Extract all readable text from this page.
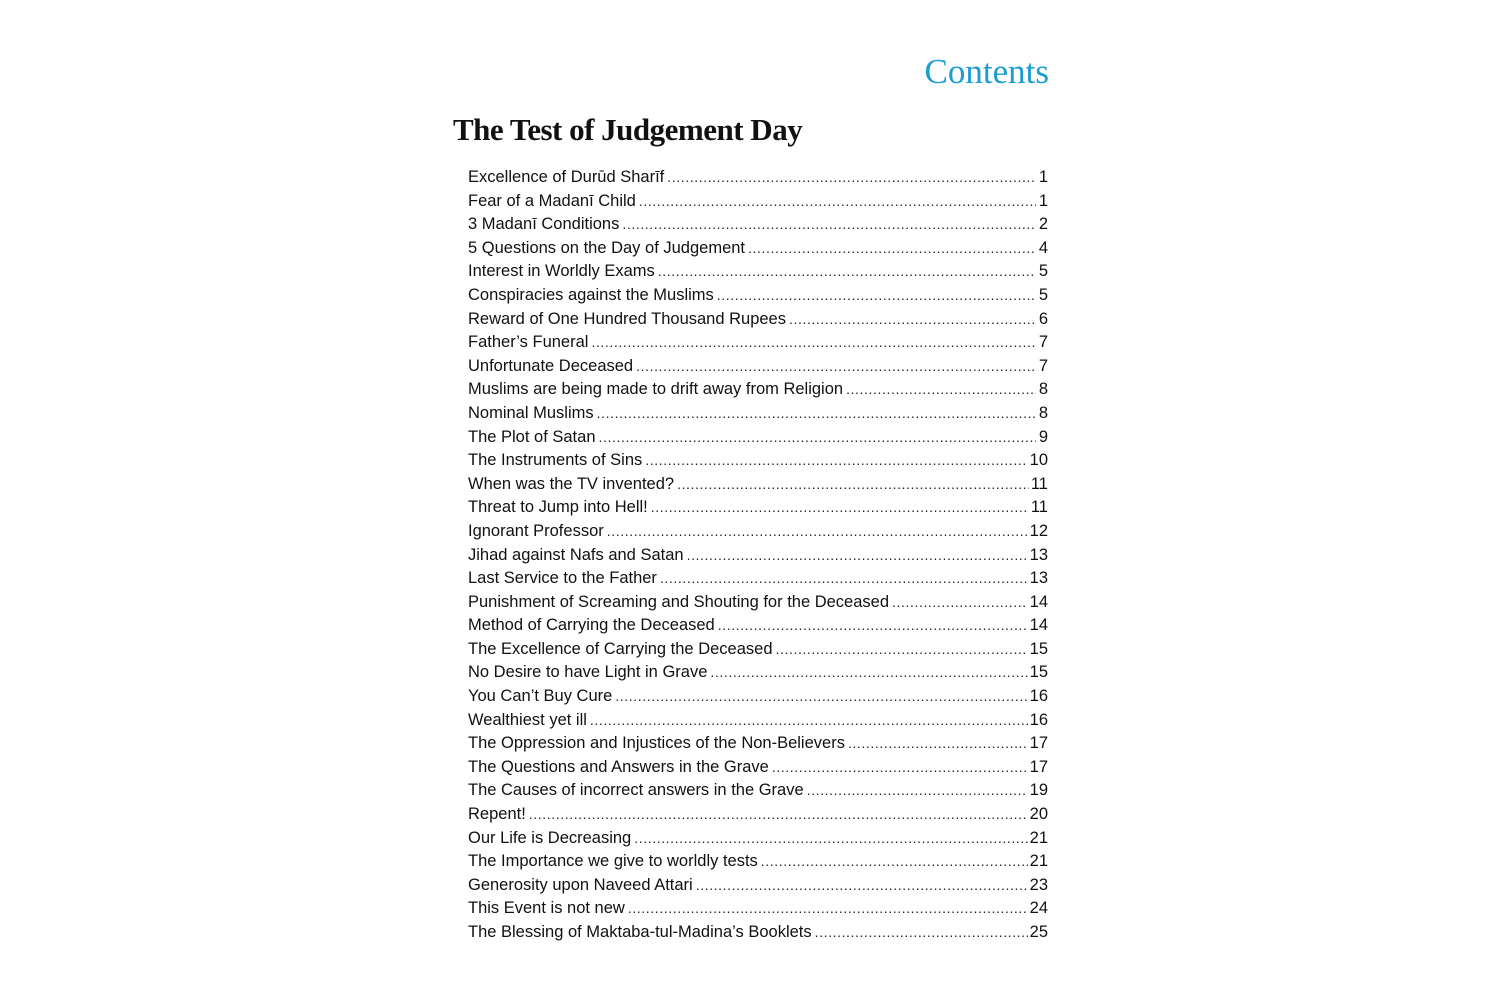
Contents
The Test of Judgement Day
Excellence of Durūd Sharīf .....	1
Fear of a Madanī Child .....	1
3 Madanī Conditions .....	2
5 Questions on the Day of Judgement .....	4
Interest in Worldly Exams .....	5
Conspiracies against the Muslims .....	5
Reward of One Hundred Thousand Rupees .....	6
Father’s Funeral .....	7
Unfortunate Deceased .....	7
Muslims are being made to drift away from Religion .....	8
Nominal Muslims .....	8
The Plot of Satan .....	9
The Instruments of Sins .....	10
When was the TV invented? .....	11
Threat to Jump into Hell! .....	11
Ignorant Professor .....	12
Jihad against Nafs and Satan .....	13
Last Service to the Father .....	13
Punishment of Screaming and Shouting for the Deceased .....	14
Method of Carrying the Deceased .....	14
The Excellence of Carrying the Deceased .....	15
No Desire to have Light in Grave .....	15
You Can’t Buy Cure .....	16
Wealthiest yet ill .....	16
The Oppression and Injustices of the Non-Believers .....	17
The Questions and Answers in the Grave .....	17
The Causes of incorrect answers in the Grave .....	19
Repent! .....	20
Our Life is Decreasing .....	21
The Importance we give to worldly tests .....	21
Generosity upon Naveed Attari .....	23
This Event is not new .....	24
The Blessing of Maktaba-tul-Madina’s Booklets .....	25
